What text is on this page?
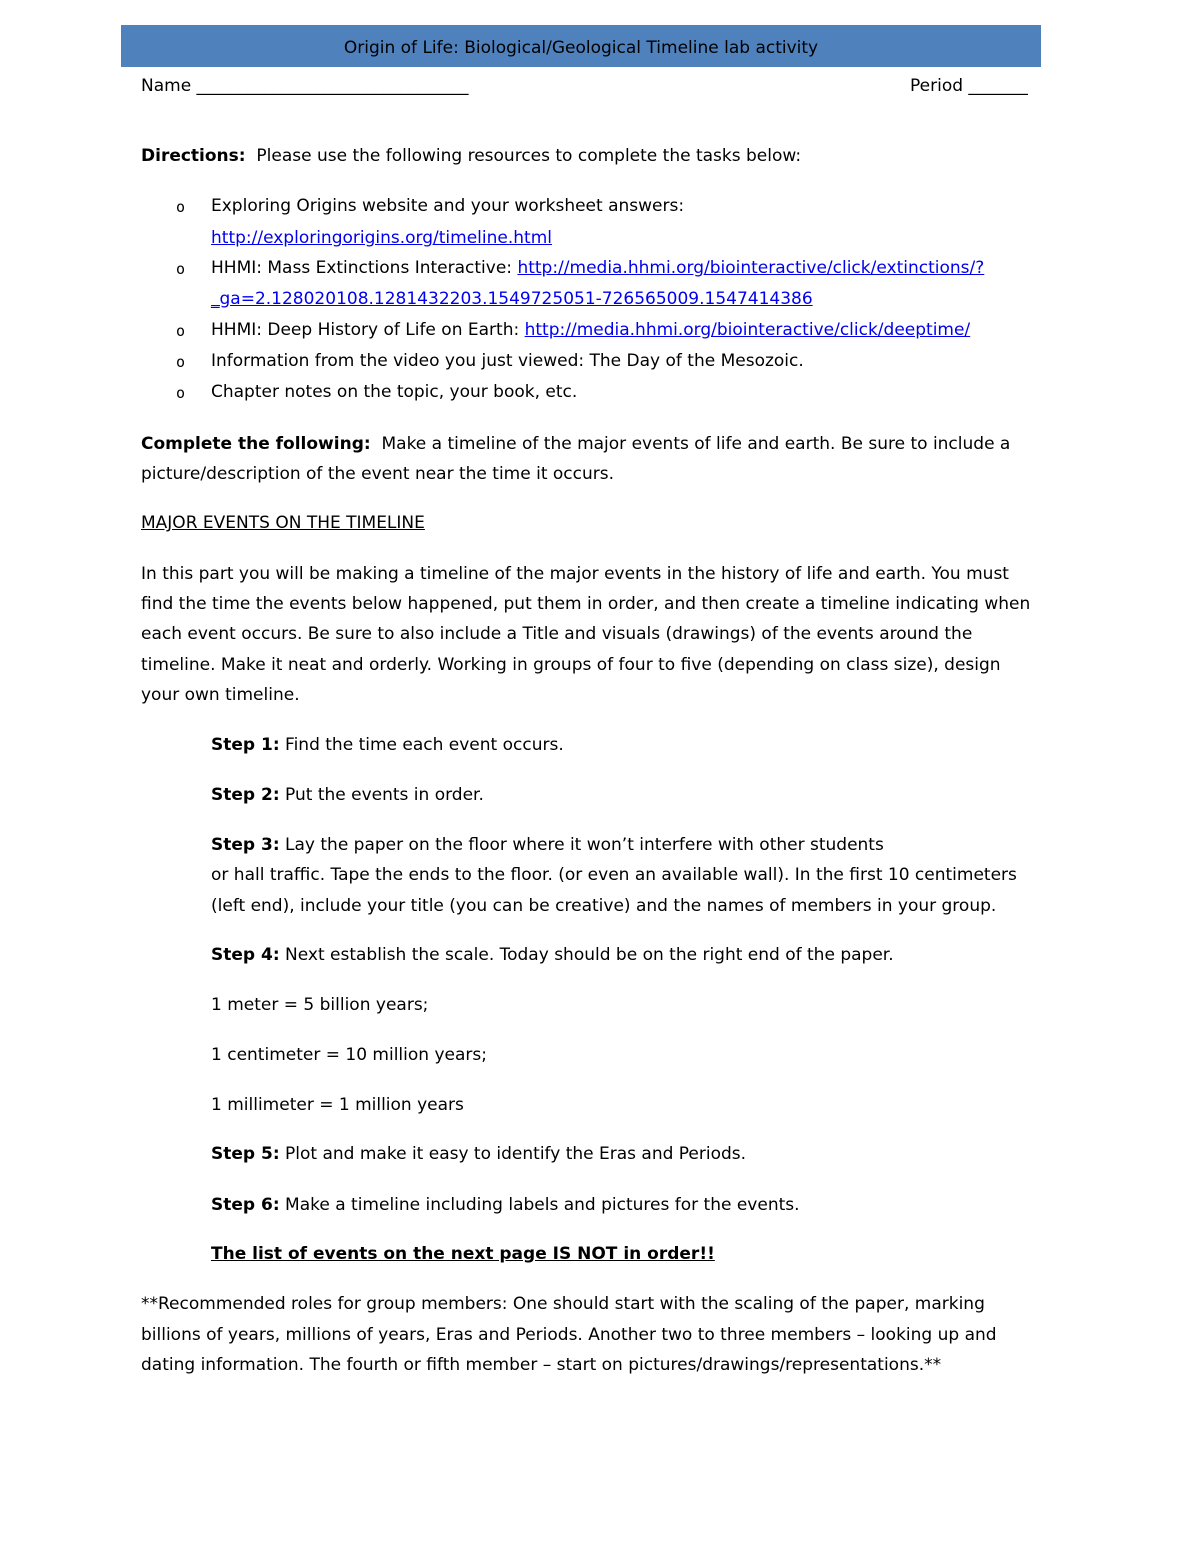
Origin of Life: Biological/Geological Timeline lab activity
Name ________________________________	Period _______
Directions: Please use the following resources to complete the tasks below:
o Exploring Origins website and your worksheet answers:
http://exploringorigins.org/timeline.html
o HHMI: Mass Extinctions Interactive: http://media.hhmi.org/biointeractive/click/extinctions/?
_ga=2.128020108.1281432203.1549725051-726565009.1547414386
o HHMI: Deep History of Life on Earth: http://media.hhmi.org/biointeractive/click/deeptime/
o Information from the video you just viewed: The Day of the Mesozoic.
o Chapter notes on the topic, your book, etc.
Complete the following: Make a timeline of the major events of life and earth. Be sure to include a
picture/description of the event near the time it occurs.
MAJOR EVENTS ON THE TIMELINE
In this part you will be making a timeline of the major events in the history of life and earth. You must
find the time the events below happened, put them in order, and then create a timeline indicating when
each event occurs. Be sure to also include a Title and visuals (drawings) of the events around the
timeline. Make it neat and orderly. Working in groups of four to five (depending on class size), design
your own timeline.
Step 1: Find the time each event occurs.
Step 2: Put the events in order.
Step 3: Lay the paper on the floor where it won’t interfere with other students
or hall traffic. Tape the ends to the floor. (or even an available wall). In the first 10 centimeters
(left end), include your title (you can be creative) and the names of members in your group.
Step 4: Next establish the scale. Today should be on the right end of the paper.
1 meter = 5 billion years;
1 centimeter = 10 million years;
1 millimeter = 1 million years
Step 5: Plot and make it easy to identify the Eras and Periods.
Step 6: Make a timeline including labels and pictures for the events.
The list of events on the next page IS NOT in order!!
**Recommended roles for group members: One should start with the scaling of the paper, marking
billions of years, millions of years, Eras and Periods. Another two to three members – looking up and
dating information. The fourth or fifth member – start on pictures/drawings/representations.**
